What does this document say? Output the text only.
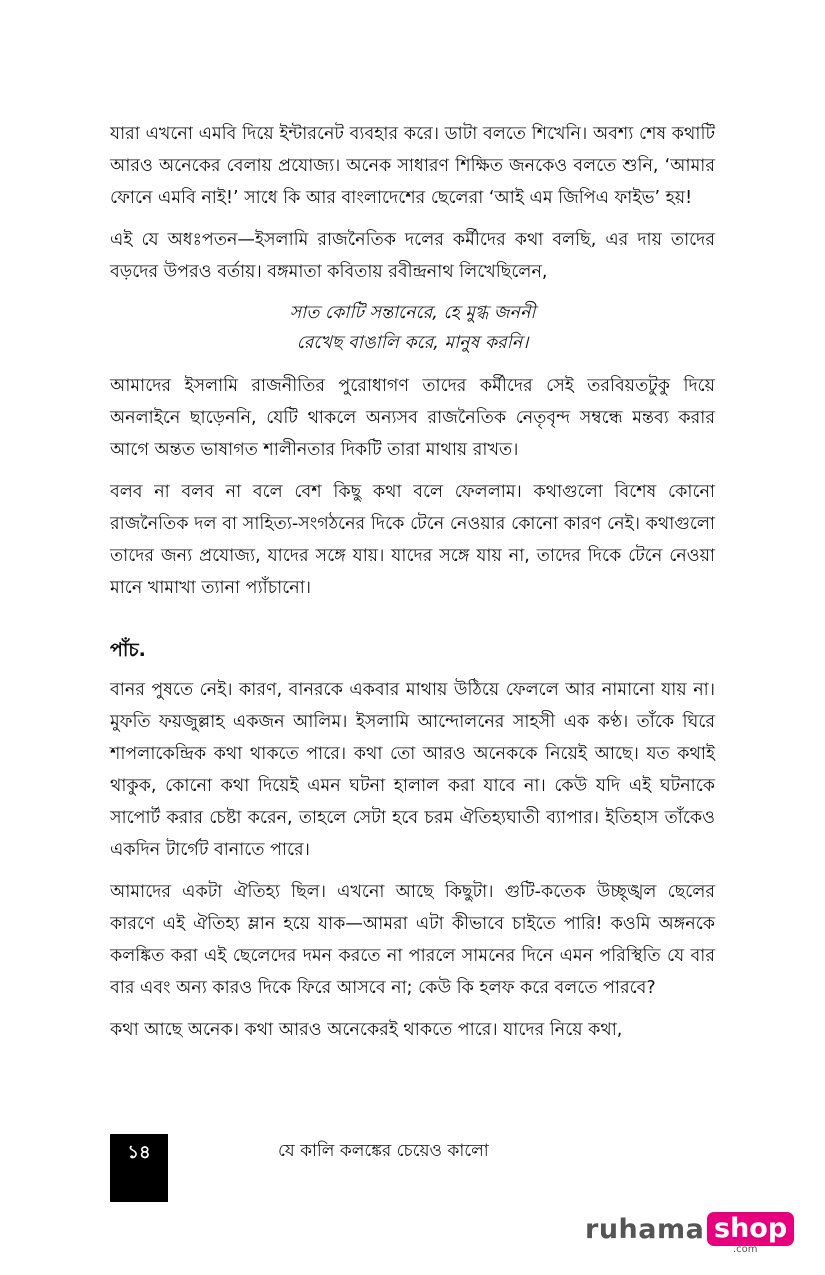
যারা এখনো এমবি দিয়ে ইন্টারনেট ব্যবহার করে। ডাটা বলতে শিখেনি। অবশ্য শেষ কথাটি আরও অনেকের বেলায় প্রযোজ্য। অনেক সাধারণ শিক্ষিত জনকেও বলতে শুনি, ‘আমার ফোনে এমবি নাই!’ সাধে কি আর বাংলাদেশের ছেলেরা ‘আই এম জিপিএ ফাইভ’ হয়!

এই যে অধঃপতন—ইসলামি রাজনৈতিক দলের কর্মীদের কথা বলছি, এর দায় তাদের বড়দের উপরও বর্তায়। বঙ্গমাতা কবিতায় রবীন্দ্রনাথ লিখেছিলেন,

সাত কোটি সন্তানেরে, হে মুগ্ধ জননী
রেখেছ বাঙালি করে, মানুষ করনি।

আমাদের ইসলামি রাজনীতির পুরোধাগণ তাদের কর্মীদের সেই তরবিয়তটুকু দিয়ে অনলাইনে ছাড়েননি, যেটি থাকলে অন্যসব রাজনৈতিক নেতৃবৃন্দ সম্বন্ধে মন্তব্য করার আগে অন্তত ভাষাগত শালীনতার দিকটি তারা মাথায় রাখত।

বলব না বলব না বলে বেশ কিছু কথা বলে ফেললাম। কথাগুলো বিশেষ কোনো রাজনৈতিক দল বা সাহিত্য-সংগঠনের দিকে টেনে নেওয়ার কোনো কারণ নেই। কথাগুলো তাদের জন্য প্রযোজ্য, যাদের সঙ্গে যায়। যাদের সঙ্গে যায় না, তাদের দিকে টেনে নেওয়া মানে খামাখা ত্যানা প্যাঁচানো।

পাঁচ.

বানর পুষতে নেই। কারণ, বানরকে একবার মাথায় উঠিয়ে ফেললে আর নামানো যায় না। মুফতি ফয়জুল্লাহ একজন আলিম। ইসলামি আন্দোলনের সাহসী এক কণ্ঠ। তাঁকে ঘিরে শাপলাকেন্দ্রিক কথা থাকতে পারে। কথা তো আরও অনেককে নিয়েই আছে। যত কথাই থাকুক, কোনো কথা দিয়েই এমন ঘটনা হালাল করা যাবে না। কেউ যদি এই ঘটনাকে সাপোর্ট করার চেষ্টা করেন, তাহলে সেটা হবে চরম ঐতিহ্যঘাতী ব্যাপার। ইতিহাস তাঁকেও একদিন টার্গেট বানাতে পারে।

আমাদের একটা ঐতিহ্য ছিল। এখনো আছে কিছুটা। গুটি-কতেক উচ্ছৃঙ্খল ছেলের কারণে এই ঐতিহ্য ম্লান হয়ে যাক—আমরা এটা কীভাবে চাইতে পারি! কওমি অঙ্গনকে কলঙ্কিত করা এই ছেলেদের দমন করতে না পারলে সামনের দিনে এমন পরিস্থিতি যে বার বার এবং অন্য কারও দিকে ফিরে আসবে না; কেউ কি হলফ করে বলতে পারবে?

কথা আছে অনেক। কথা আরও অনেকেরই থাকতে পারে। যাদের নিয়ে কথা,

১৪	যে কালি কলঙ্কের চেয়েও কালো
ruhama shop
.com
